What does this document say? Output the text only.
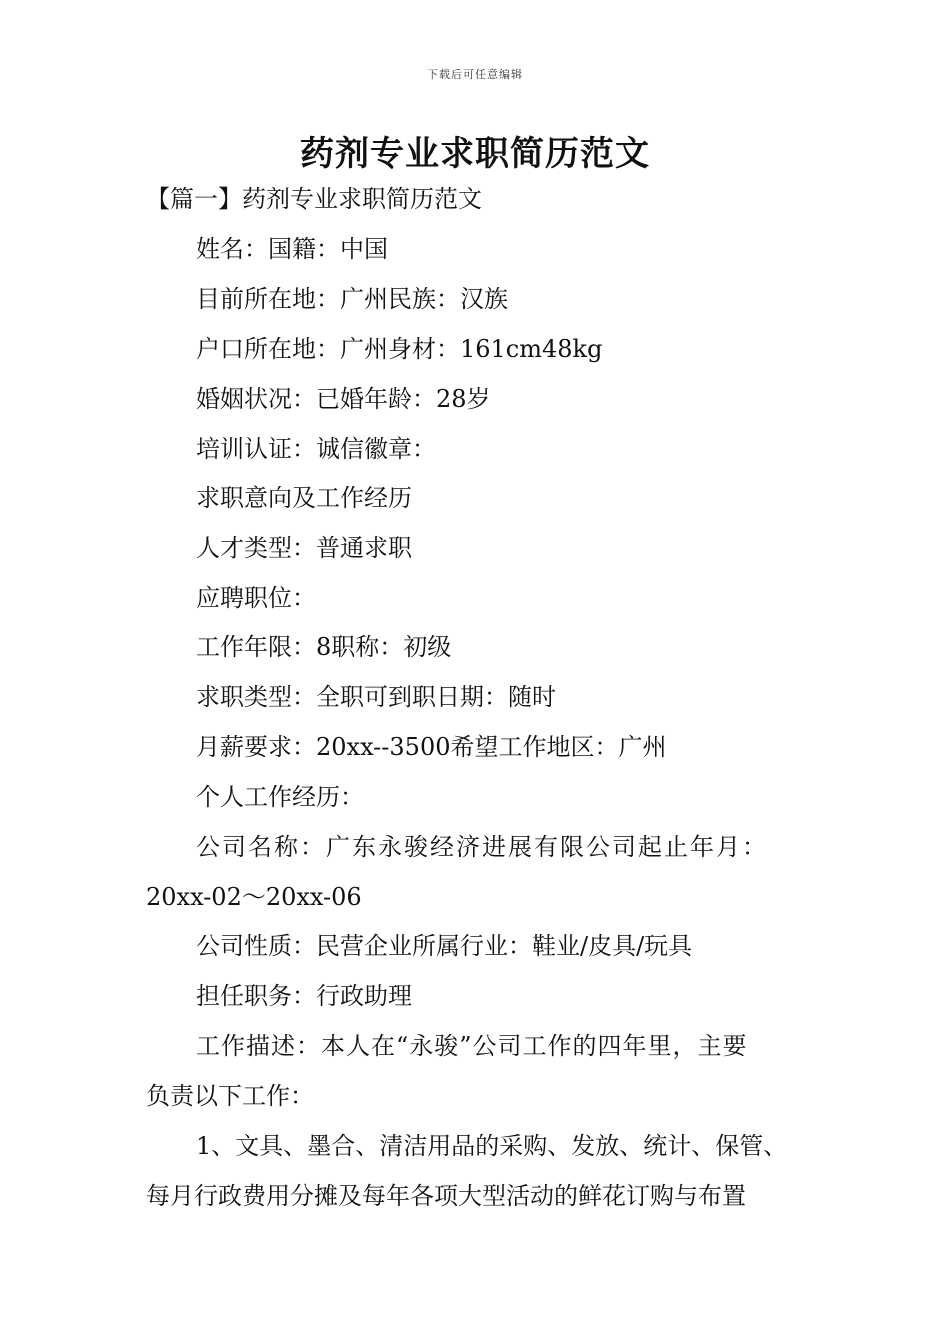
下载后可任意编辑
药剂专业求职简历范文
【篇一】药剂专业求职简历范文
姓名：国籍：中国
目前所在地：广州民族：汉族
户口所在地：广州身材：161cm48kg
婚姻状况：已婚年龄：28岁
培训认证：诚信徽章：
求职意向及工作经历
人才类型：普通求职
应聘职位：
工作年限：8职称：初级
求职类型：全职可到职日期：随时
月薪要求：20xx--3500希望工作地区：广州
个人工作经历：
公司名称：广东永骏经济进展有限公司起止年月：
20xx-02～20xx-06
公司性质：民营企业所属行业：鞋业/皮具/玩具
担任职务：行政助理
工作描述：本人在“永骏”公司工作的四年里，主要
负责以下工作：
1、文具、墨合、清洁用品的采购、发放、统计、保管、
每月行政费用分摊及每年各项大型活动的鲜花订购与布置
